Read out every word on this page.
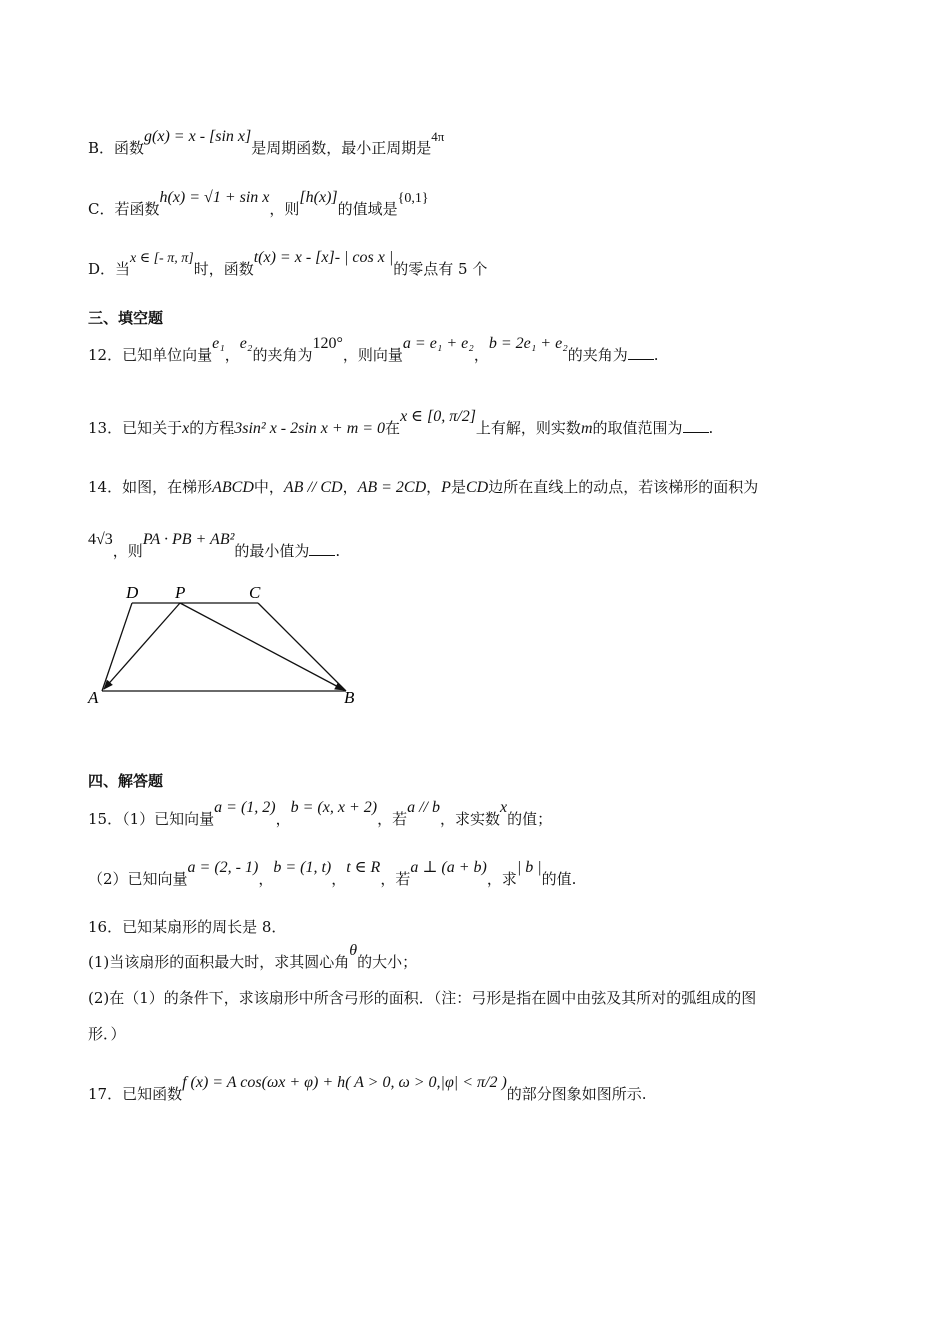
B．函数g(x) = x - [sin x]是周期函数，最小正周期是4π
C．若函数h(x) = √1 + sin x，则[h(x)]的值域是{0,1}
D．当x ∈ [- π, π]时，函数t(x) = x - [x]- | cos x |的零点有 5 个
三、填空题
12．已知单位向量e₁，e₂的夹角为120°，则向量a = e₁ + e₂，b = 2e₁ + e₂的夹角为 .
13．已知关于x的方程3sin² x - 2sin x + m = 0在x ∈ [0, π/2]上有解，则实数m的取值范围为 .
14．如图，在梯形ABCD中，AB // CD，AB = 2CD，P是CD边所在直线上的动点，若该梯形的面积为
4√3，则PA · PB + AB²的最小值为 .
D P	C
A	B
四、解答题
15．（1）已知向量a = (1, 2)，b = (x, x + 2)，若a // b，求实数x的值；
（2）已知向量a = (2, - 1)，b = (1, t)，t ∈ R，若a ⊥ (a + b)，求| b |的值.
16．已知某扇形的周长是 8．
(1)当该扇形的面积最大时，求其圆心角θ的大小；
(2)在（1）的条件下，求该扇形中所含弓形的面积．（注：弓形是指在圆中由弦及其所对的弧组成的图
形．）
17．已知函数f (x) = A cos(ωx + φ) + h( A > 0, ω > 0,|φ| < π/2 )的部分图象如图所示.
